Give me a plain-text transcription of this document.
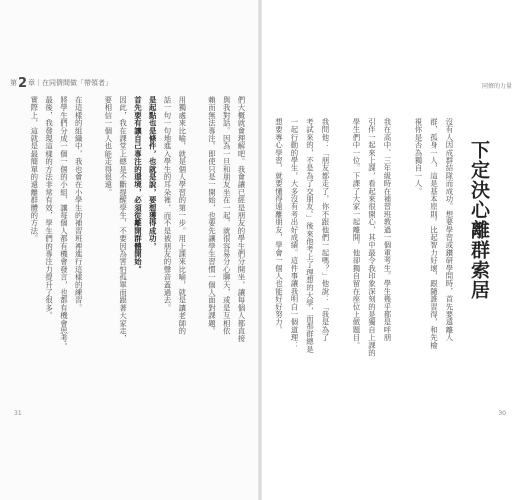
第2章｜在同儕間做「帶領者」	同儕的力量
下定決心離群索居
沒有人因成群結隊而成功。想要學習或鑽研學問時，首先要遠離人
群，孤身一人，這是基本原則。比起智力好壞，跟隨誰習得，和先檢
視你是否為獨自一人。
我在高中、三年級時在補習班教過一個重考生。學生幾乎都是呼朋
引伴一起來上課，看起來很開心，其中最令我印象深刻的是獨自上課的
學生們中一位。下課了大家一起離開，他卻獨自留在座位上做題目。
我問他：「朋友都走了，你不跟他們一起嗎？」他說：「我是為了
考試來的，不是為了交朋友。」後來他考上了理想的大學，而那群總是
一起行動的學生，大多沒有考出好成績。這件事讓我明白一個道理：
想要專心學習，就要懂得遠離朋友，學會一個人也能好好努力。
們大概就會理解吧。我會讓已經是朋友的學生們分開坐，讓每個人都直接
與我對話。因為一旦和朋友坐在一起，就很容易分心聊天，或是互相依
賴而無法專注。即使只是一開始，也要先讓學生習慣一個人面對課題。
用獨處來比喻，就是個人學習的第一步。用上課來比喻，就是讓老師的
話一句一句地進入學生的耳朵裡，而不是被朋友的聲音蓋過去。
是起點也是條件，也就是說，要想獲得成功，
首先要有讓自己專注的環境，必須從離開群體開始。
因此，我在課堂上總是不斷提醒學生，不要因為害怕孤單而跟著大家走，
要相信一個人也能走得很遠。
在這樣的組織中，我也會在小學生的補習班裡進行這樣的練習。
將學生們分成一個一個的小組，讓每個人都有機會發言，也都有機會思考。
最後，我發現這樣的方法非常有效，學生們的專注力提升了很多。
實際上，這就是最簡單的遠離群體的方法。
31	30
